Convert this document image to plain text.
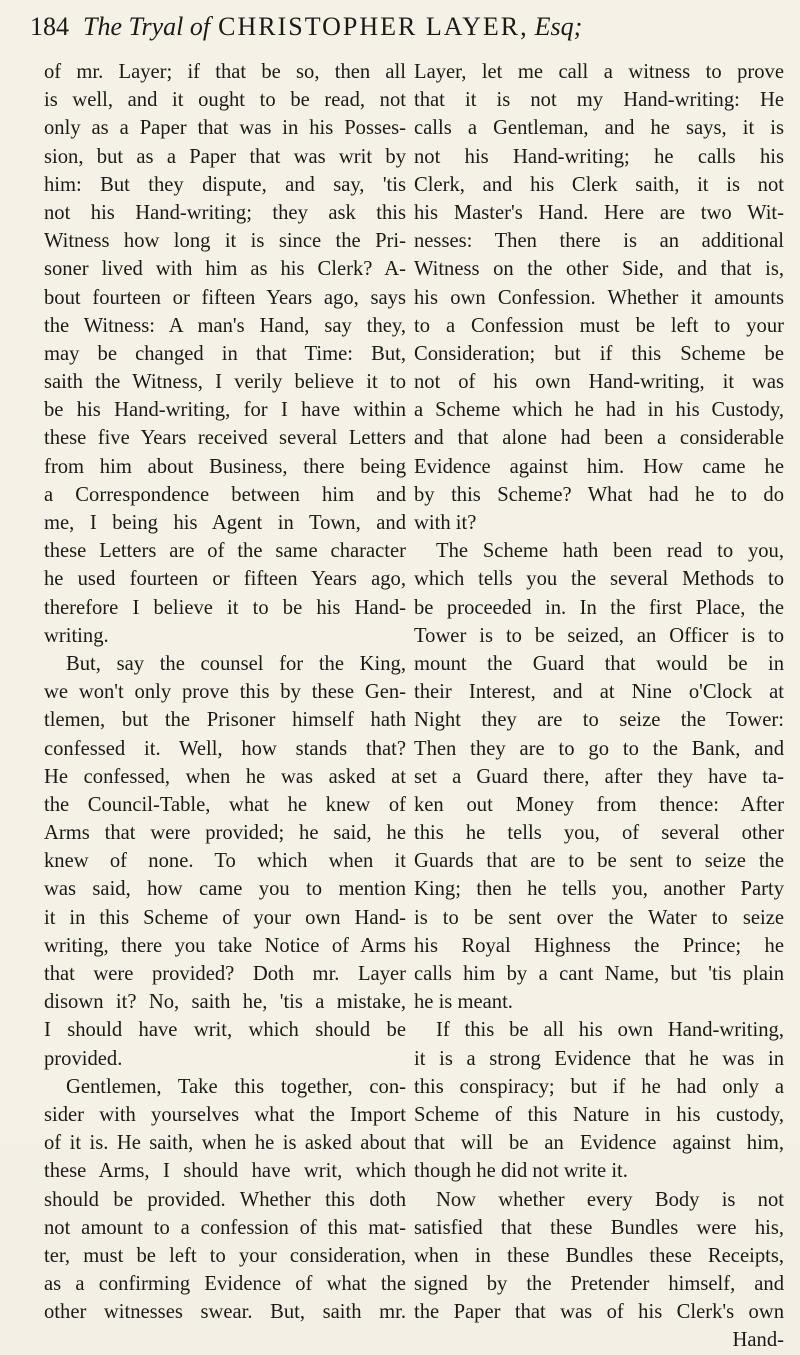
184 The Tryal of CHRISTOPHER LAYER, Esq;
of mr. Layer; if that be so, then all
is well, and it ought to be read, not
only as a Paper that was in his Posses-
sion, but as a Paper that was writ by
him: But they dispute, and say, 'tis
not his Hand-writing; they ask this
Witness how long it is since the Pri-
soner lived with him as his Clerk? A-
bout fourteen or fifteen Years ago, says
the Witness: A man's Hand, say they,
may be changed in that Time: But,
saith the Witness, I verily believe it to
be his Hand-writing, for I have within
these five Years received several Letters
from him about Business, there being
a Correspondence between him and
me, I being his Agent in Town, and
these Letters are of the same character
he used fourteen or fifteen Years ago,
therefore I believe it to be his Hand-
writing.
But, say the counsel for the King,
we won't only prove this by these Gen-
tlemen, but the Prisoner himself hath
confessed it. Well, how stands that?
He confessed, when he was asked at
the Council-Table, what he knew of
Arms that were provided; he said, he
knew of none. To which when it
was said, how came you to mention
it in this Scheme of your own Hand-
writing, there you take Notice of Arms
that were provided? Doth mr. Layer
disown it? No, saith he, 'tis a mistake,
I should have writ, which should be
provided.
Gentlemen, Take this together, con-
sider with yourselves what the Import
of it is. He saith, when he is asked about
these Arms, I should have writ, which
should be provided. Whether this doth
not amount to a confession of this mat-
ter, must be left to your consideration,
as a confirming Evidence of what the
other witnesses swear. But, saith mr.
Layer, let me call a witness to prove
that it is not my Hand-writing: He
calls a Gentleman, and he says, it is
not his Hand-writing; he calls his
Clerk, and his Clerk saith, it is not
his Master's Hand. Here are two Wit-
nesses: Then there is an additional
Witness on the other Side, and that is,
his own Confession. Whether it amounts
to a Confession must be left to your
Consideration; but if this Scheme be
not of his own Hand-writing, it was
a Scheme which he had in his Custody,
and that alone had been a considerable
Evidence against him. How came he
by this Scheme? What had he to do
with it?
The Scheme hath been read to you,
which tells you the several Methods to
be proceeded in. In the first Place, the
Tower is to be seized, an Officer is to
mount the Guard that would be in
their Interest, and at Nine o'Clock at
Night they are to seize the Tower:
Then they are to go to the Bank, and
set a Guard there, after they have ta-
ken out Money from thence: After
this he tells you, of several other
Guards that are to be sent to seize the
King; then he tells you, another Party
is to be sent over the Water to seize
his Royal Highness the Prince; he
calls him by a cant Name, but 'tis plain
he is meant.
If this be all his own Hand-writing,
it is a strong Evidence that he was in
this conspiracy; but if he had only a
Scheme of this Nature in his custody,
that will be an Evidence against him,
though he did not write it.
Now whether every Body is not
satisfied that these Bundles were his,
when in these Bundles these Receipts,
signed by the Pretender himself, and
the Paper that was of his Clerk's own
Hand-
